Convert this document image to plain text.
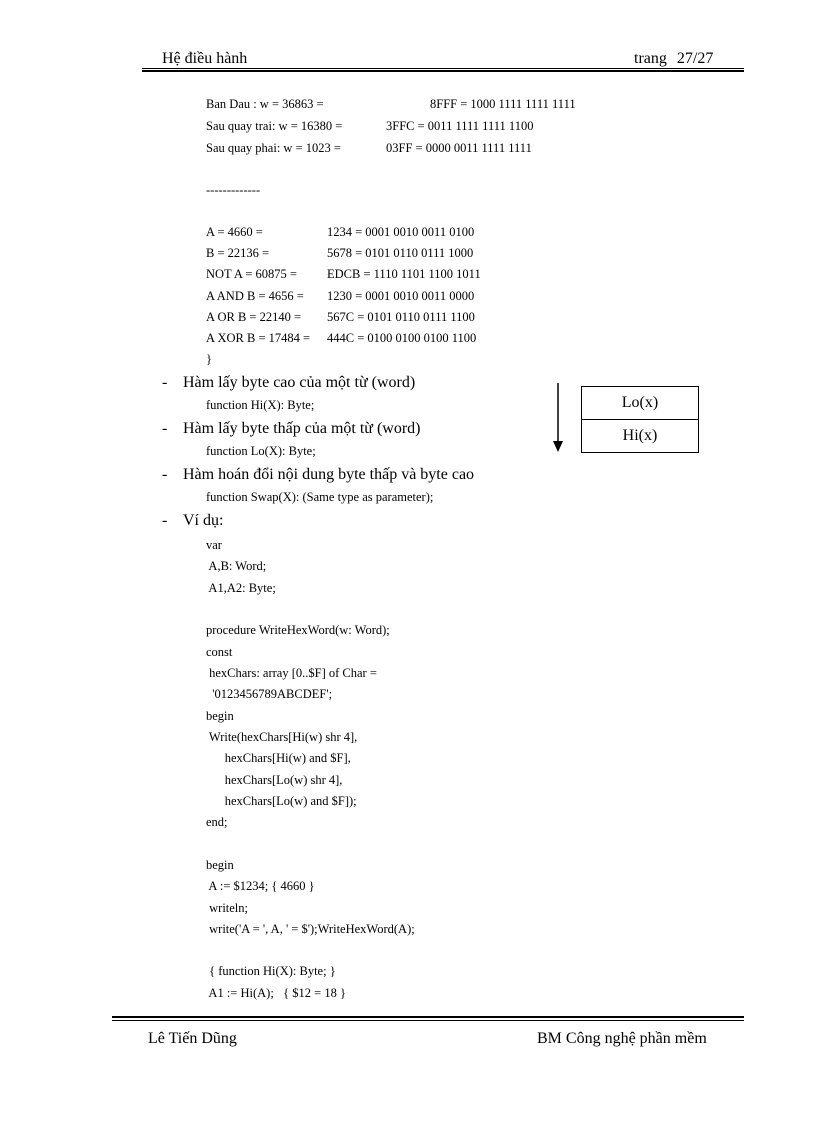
Hệ điều hành	trang 27/27
Ban Dau : w = 36863 =	8FFF = 1000 1111 1111 1111
Sau quay trai: w = 16380 =	3FFC = 0011 1111 1111 1100
Sau quay phai: w = 1023 =	03FF = 0000 0011 1111 1111
-------------
A = 4660 =	1234 = 0001 0010 0011 0100
B = 22136 =	5678 = 0101 0110 0111 1000
NOT A = 60875 = EDCB = 1110 1101 1100 1011
A AND B = 4656 = 1230 = 0001 0010 0011 0000
A OR B = 22140 = 567C = 0101 0110 0111 1100
A XOR B = 17484 = 444C = 0100 0100 0100 1100
}
- Hàm lấy byte cao của một từ (word)
function Hi(X): Byte;
- Hàm lấy byte thấp của một từ (word)
function Lo(X): Byte;
- Hàm hoán đổi nội dung byte thấp và byte cao
function Swap(X): (Same type as parameter);
- Ví dụ:
Lo(x)
Hi(x)
var
A,B: Word;
A1,A2: Byte;
procedure WriteHexWord(w: Word);
const
hexChars: array [0..$F] of Char =
'0123456789ABCDEF';
begin
Write(hexChars[Hi(w) shr 4],
hexChars[Hi(w) and $F],
hexChars[Lo(w) shr 4],
hexChars[Lo(w) and $F]);
end;
begin
A := $1234; { 4660 }
writeln;
write('A = ', A, ' = $');WriteHexWord(A);
{ function Hi(X): Byte; }
A1 := Hi(A);   { $12 = 18 }
Lê Tiến Dũng	BM Công nghệ phần mềm
